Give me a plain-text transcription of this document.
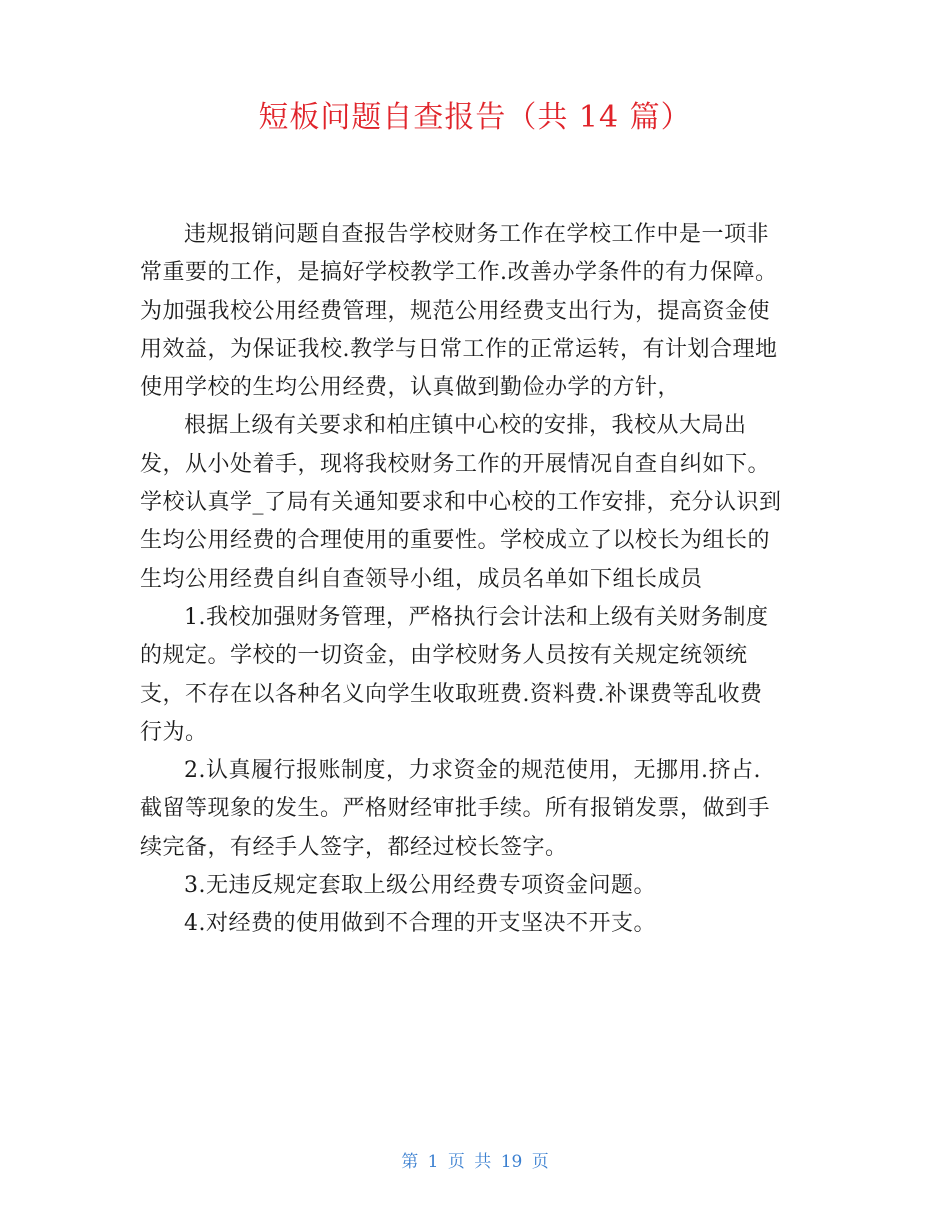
短板问题自查报告（共 14 篇）
违规报销问题自查报告学校财务工作在学校工作中是一项非
常重要的工作，是搞好学校教学工作.改善办学条件的有力保障。
为加强我校公用经费管理，规范公用经费支出行为，提高资金使
用效益，为保证我校.教学与日常工作的正常运转，有计划合理地
使用学校的生均公用经费，认真做到勤俭办学的方针，
根据上级有关要求和柏庄镇中心校的安排，我校从大局出
发，从小处着手，现将我校财务工作的开展情况自查自纠如下。
学校认真学_了局有关通知要求和中心校的工作安排，充分认识到
生均公用经费的合理使用的重要性。学校成立了以校长为组长的
生均公用经费自纠自查领导小组，成员名单如下组长成员
1.我校加强财务管理，严格执行会计法和上级有关财务制度
的规定。学校的一切资金，由学校财务人员按有关规定统领统
支，不存在以各种名义向学生收取班费.资料费.补课费等乱收费
行为。
2.认真履行报账制度，力求资金的规范使用，无挪用.挤占.
截留等现象的发生。严格财经审批手续。所有报销发票，做到手
续完备，有经手人签字，都经过校长签字。
3.无违反规定套取上级公用经费专项资金问题。
4.对经费的使用做到不合理的开支坚决不开支。
第 1 页 共 19 页
